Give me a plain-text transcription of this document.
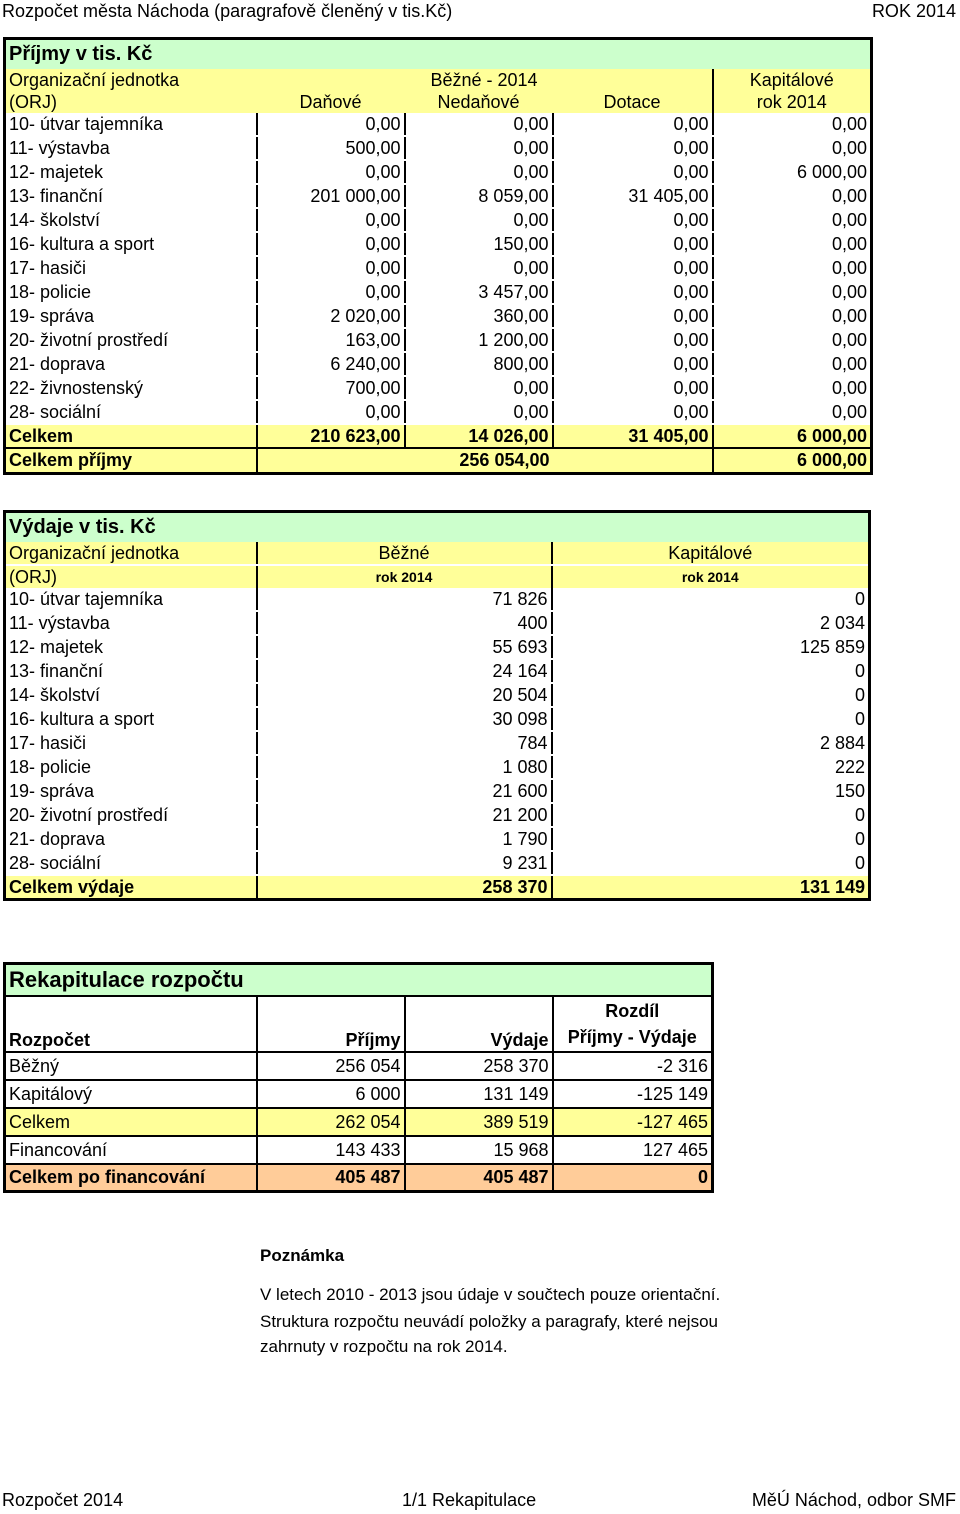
Rozpočet města Náchoda (paragrafově členěný v tis.Kč)	ROK 2014
Příjmy v tis. Kč				
Organizační jednotka	Běžné - 2014			Kapitálové
(ORJ)	Daňové	Nedaňové	Dotace	rok 2014
10- útvar tajemníka	0,00	0,00	0,00	0,00
11- výstavba	500,00	0,00	0,00	0,00
12- majetek	0,00	0,00	0,00	6 000,00
13- finanční	201 000,00	8 059,00	31 405,00	0,00
14- školství	0,00	0,00	0,00	0,00
16- kultura a sport	0,00	150,00	0,00	0,00
17- hasiči	0,00	0,00	0,00	0,00
18- policie	0,00	3 457,00	0,00	0,00
19- správa	2 020,00	360,00	0,00	0,00
20- životní prostředí	163,00	1 200,00	0,00	0,00
21- doprava	6 240,00	800,00	0,00	0,00
22- živnostenský	700,00	0,00	0,00	0,00
28- sociální	0,00	0,00	0,00	0,00
Celkem	210 623,00	14 026,00	31 405,00	6 000,00
Celkem příjmy	256 054,00			6 000,00
Výdaje v tis. Kč		
Organizační jednotka	Běžné	Kapitálové
(ORJ)	rok 2014	rok 2014
10- útvar tajemníka	71 826	0
11- výstavba	400	2 034
12- majetek	55 693	125 859
13- finanční	24 164	0
14- školství	20 504	0
16- kultura a sport	30 098	0
17- hasiči	784	2 884
18- policie	1 080	222
19- správa	21 600	150
20- životní prostředí	21 200	0
21- doprava	1 790	0
28- sociální	9 231	0
Celkem výdaje	258 370	131 149
Rekapitulace rozpočtu			
Rozpočet	Příjmy	Výdaje	Rozdíl
Příjmy - Výdaje

Běžný	256 054	258 370	-2 316
Kapitálový	6 000	131 149	-125 149
Celkem	262 054	389 519	-127 465
Financování	143 433	15 968	127 465
Celkem po financování	405 487	405 487	0
Poznámka
V letech 2010 - 2013 jsou údaje v součtech pouze orientační.
Struktura rozpočtu neuvádí položky a paragrafy, které nejsou
zahrnuty v rozpočtu na rok 2014.
Rozpočet 2014	1/1 Rekapitulace	MěÚ Náchod, odbor SMF
